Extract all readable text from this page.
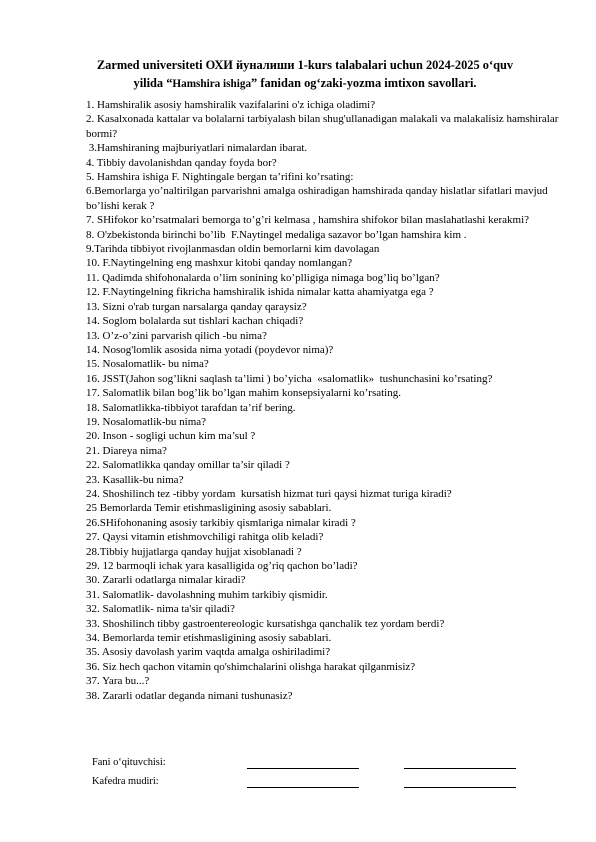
Zarmed universiteti ОХИ йуналиши 1-kurs talabalari uchun 2024-2025 o‘quv
yilida “Hamshira ishiga” fanidan og‘zaki-yozma imtixon savollari.
1. Hamshiralik asosiy hamshiralik vazifalarini o'z ichiga oladimi?
2. Kasalxonada kattalar va bolalarni tarbiyalash bilan shug'ullanadigan malakali va malakalisiz hamshiralar bormi?
3.Hamshiraning majburiyatlari nimalardan ibarat.
4. Tibbiy davolanishdan qanday foyda bor?
5. Hamshira ishiga F. Nightingale bergan ta’rifini ko’rsating:
6.Bemorlarga yo’naltirilgan parvarishni amalga oshiradigan hamshirada qanday hislatlar sifatlari mavjud bo’lishi kerak ?
7. SHifokor ko’rsatmalari bemorga to’g’ri kelmasa , hamshira shifokor bilan maslahatlashi kerakmi?
8. O'zbekistonda birinchi bo’lib  F.Naytingel medaliga sazavor bo’lgan hamshira kim .
9.Tarihda tibbiyot rivojlanmasdan oldin bemorlarni kim davolagan
10. F.Naytingelning eng mashxur kitobi qanday nomlangan?
11. Qadimda shifohonalarda o’lim sonining ko’plligiga nimaga bog’liq bo’lgan?
12. F.Naytingelning fikricha hamshiralik ishida nimalar katta ahamiyatga ega ?
13. Sizni o'rab turgan narsalarga qanday qaraysiz?
14. Soglom bolalarda sut tishlari kachan chiqadi?
13. O’z-o’zini parvarish qilich -bu nima?
14. Nosog'lomlik asosida nima yotadi (poydevor nima)?
15. Nosalomatlik- bu nima?
16. JSST(Jahon sog’likni saqlash ta’limi ) bo’yicha  «salomatlik»  tushunchasini ko’rsating?
17. Salomatlik bilan bog’lik bo’lgan mahim konsepsiyalarni ko’rsating.
18. Salomatlikka-tibbiyot tarafdan ta’rif bering.
19. Nosalomatlik-bu nima?
20. Inson - sogligi uchun kim ma’sul ?
21. Diareya nima?
22. Salomatlikka qanday omillar ta’sir qiladi ?
23. Kasallik-bu nima?
24. Shoshilinch tez -tibby yordam  kursatish hizmat turi qaysi hizmat turiga kiradi?
25 Bemorlarda Temir etishmasligining asosiy sabablari.
26.SHifohonaning asosiy tarkibiy qismlariga nimalar kiradi ?
27. Qaysi vitamin etishmovchiligi rahitga olib keladi?
28.Tibbiy hujjatlarga qanday hujjat xisoblanadi ?
29. 12 barmoqli ichak yara kasalligida og’riq qachon bo’ladi?
30. Zararli odatlarga nimalar kiradi?
31. Salomatlik- davolashning muhim tarkibiy qismidir.
32. Salomatlik- nima ta'sir qiladi?
33. Shoshilinch tibby gastroentereologic kursatishga qanchalik tez yordam berdi?
34. Bemorlarda temir etishmasligining asosiy sabablari.
35. Asosiy davolash yarim vaqtda amalga oshiriladimi?
36. Siz hech qachon vitamin qo'shimchalarini olishga harakat qilganmisiz?
37. Yara bu...?
38. Zararli odatlar deganda nimani tushunasiz?
Fani o‘qituvchisi:
Kafedra mudiri:
